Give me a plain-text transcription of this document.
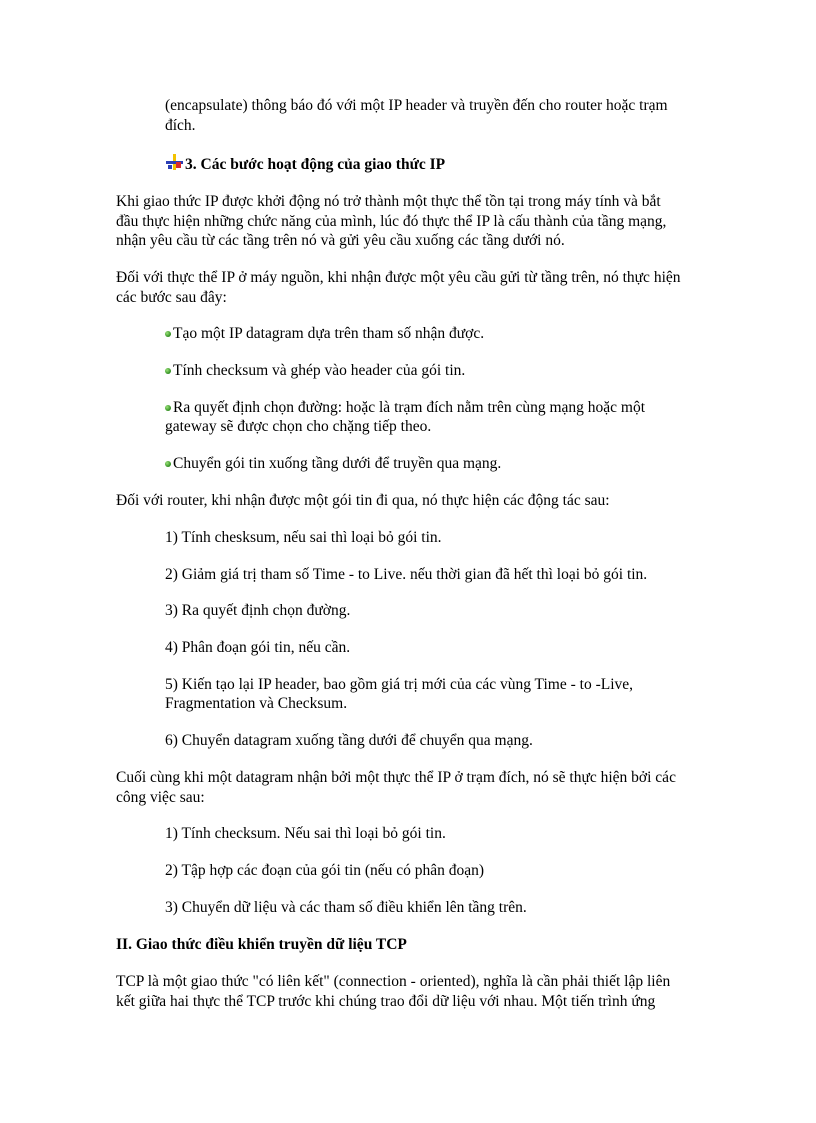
(encapsulate) thông báo đó với một IP header và truyền đến cho router hoặc trạm

đích.

3. Các bước hoạt động của giao thức IP

Khi giao thức IP được khởi động nó trở thành một thực thể tồn tại trong máy tính và bắt

đầu thực hiện những chức năng của mình, lúc đó thực thể IP là cấu thành của tầng mạng,

nhận yêu cầu từ các tầng trên nó và gửi yêu cầu xuống các tầng dưới nó.

Đối với thực thể IP ở máy nguồn, khi nhận được một yêu cầu gửi từ tầng trên, nó thực hiện

các bước sau đây:

Tạo một IP datagram dựa trên tham số nhận được.

Tính checksum và ghép vào header của gói tin.

Ra quyết định chọn đường: hoặc là trạm đích nằm trên cùng mạng hoặc một

gateway sẽ được chọn cho chặng tiếp theo.

Chuyển gói tin xuống tầng dưới để truyền qua mạng.

Đối với router, khi nhận được một gói tin đi qua, nó thực hiện các động tác sau:

1) Tính chesksum, nếu sai thì loại bỏ gói tin.

2) Giảm giá trị tham số Time - to Live. nếu thời gian đã hết thì loại bỏ gói tin.

3) Ra quyết định chọn đường.

4) Phân đoạn gói tin, nếu cần.

5) Kiến tạo lại IP header, bao gồm giá trị mới của các vùng Time - to -Live,

Fragmentation và Checksum.

6) Chuyển datagram xuống tầng dưới để chuyển qua mạng.

Cuối cùng khi một datagram nhận bởi một thực thể IP ở trạm đích, nó sẽ thực hiện bởi các

công việc sau:

1) Tính checksum. Nếu sai thì loại bỏ gói tin.

2) Tập hợp các đoạn của gói tin (nếu có phân đoạn)

3) Chuyển dữ liệu và các tham số điều khiển lên tầng trên.

II. Giao thức điều khiển truyền dữ liệu TCP

TCP là một giao thức "có liên kết" (connection - oriented), nghĩa là cần phải thiết lập liên

kết giữa hai thực thể TCP trước khi chúng trao đổi dữ liệu với nhau. Một tiến trình ứng
